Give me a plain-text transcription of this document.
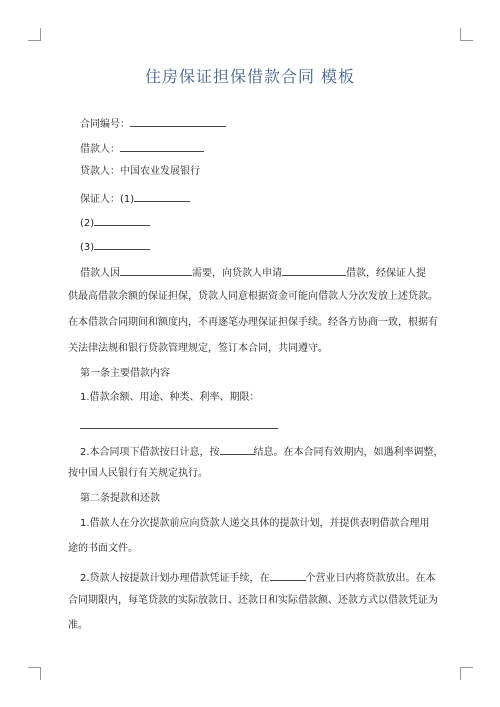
住房保证担保借款合同 模板
合同编号：
借款人：
贷款人：中国农业发展银行
保证人：(1)
(2)
(3)
借款人因	需要，向贷款人申请	借款，经保证人提
供最高借款余额的保证担保，贷款人同意根据资金可能向借款人分次发放上述贷款。
在本借款合同期间和额度内，不再逐笔办理保证担保手续。经各方协商一致，根据有
关法律法规和银行贷款管理规定，签订本合同，共同遵守。
第一条主要借款内容
1.借款余额、用途、种类、利率、期限：
2.本合同项下借款按日计息，按	结息。在本合同有效期内，如遇利率调整，
按中国人民银行有关规定执行。
第二条提款和还款
1.借款人在分次提款前应向贷款人递交具体的提款计划，并提供表明借款合理用
途的书面文件。
2.贷款人按提款计划办理借款凭证手续，在	个营业日内将贷款放出。在本
合同期限内，每笔贷款的实际放款日、还款日和实际借款额、还款方式以借款凭证为
准。
